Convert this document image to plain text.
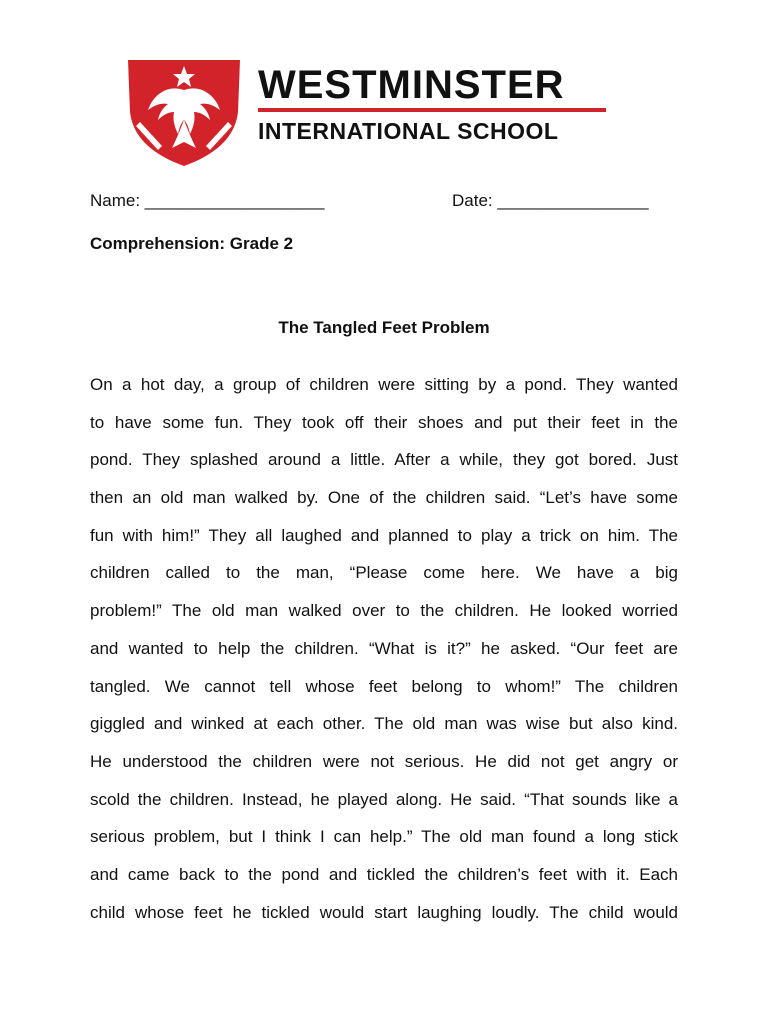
WESTMINSTER
INTERNATIONAL SCHOOL
Name: ___________________	Date: ________________
Comprehension: Grade 2
The Tangled Feet Problem
On a hot day, a group of children were sitting by a pond. They wanted
to have some fun. They took off their shoes and put their feet in the
pond. They splashed around a little. After a while, they got bored. Just
then an old man walked by. One of the children said. “Let’s have some
fun with him!” They all laughed and planned to play a trick on him. The
children called to the man, “Please come here. We have a big
problem!” The old man walked over to the children. He looked worried
and wanted to help the children. “What is it?” he asked. “Our feet are
tangled. We cannot tell whose feet belong to whom!” The children
giggled and winked at each other. The old man was wise but also kind.
He understood the children were not serious. He did not get angry or
scold the children. Instead, he played along. He said. “That sounds like a
serious problem, but I think I can help.” The old man found a long stick
and came back to the pond and tickled the children’s feet with it. Each
child whose feet he tickled would start laughing loudly. The child would
